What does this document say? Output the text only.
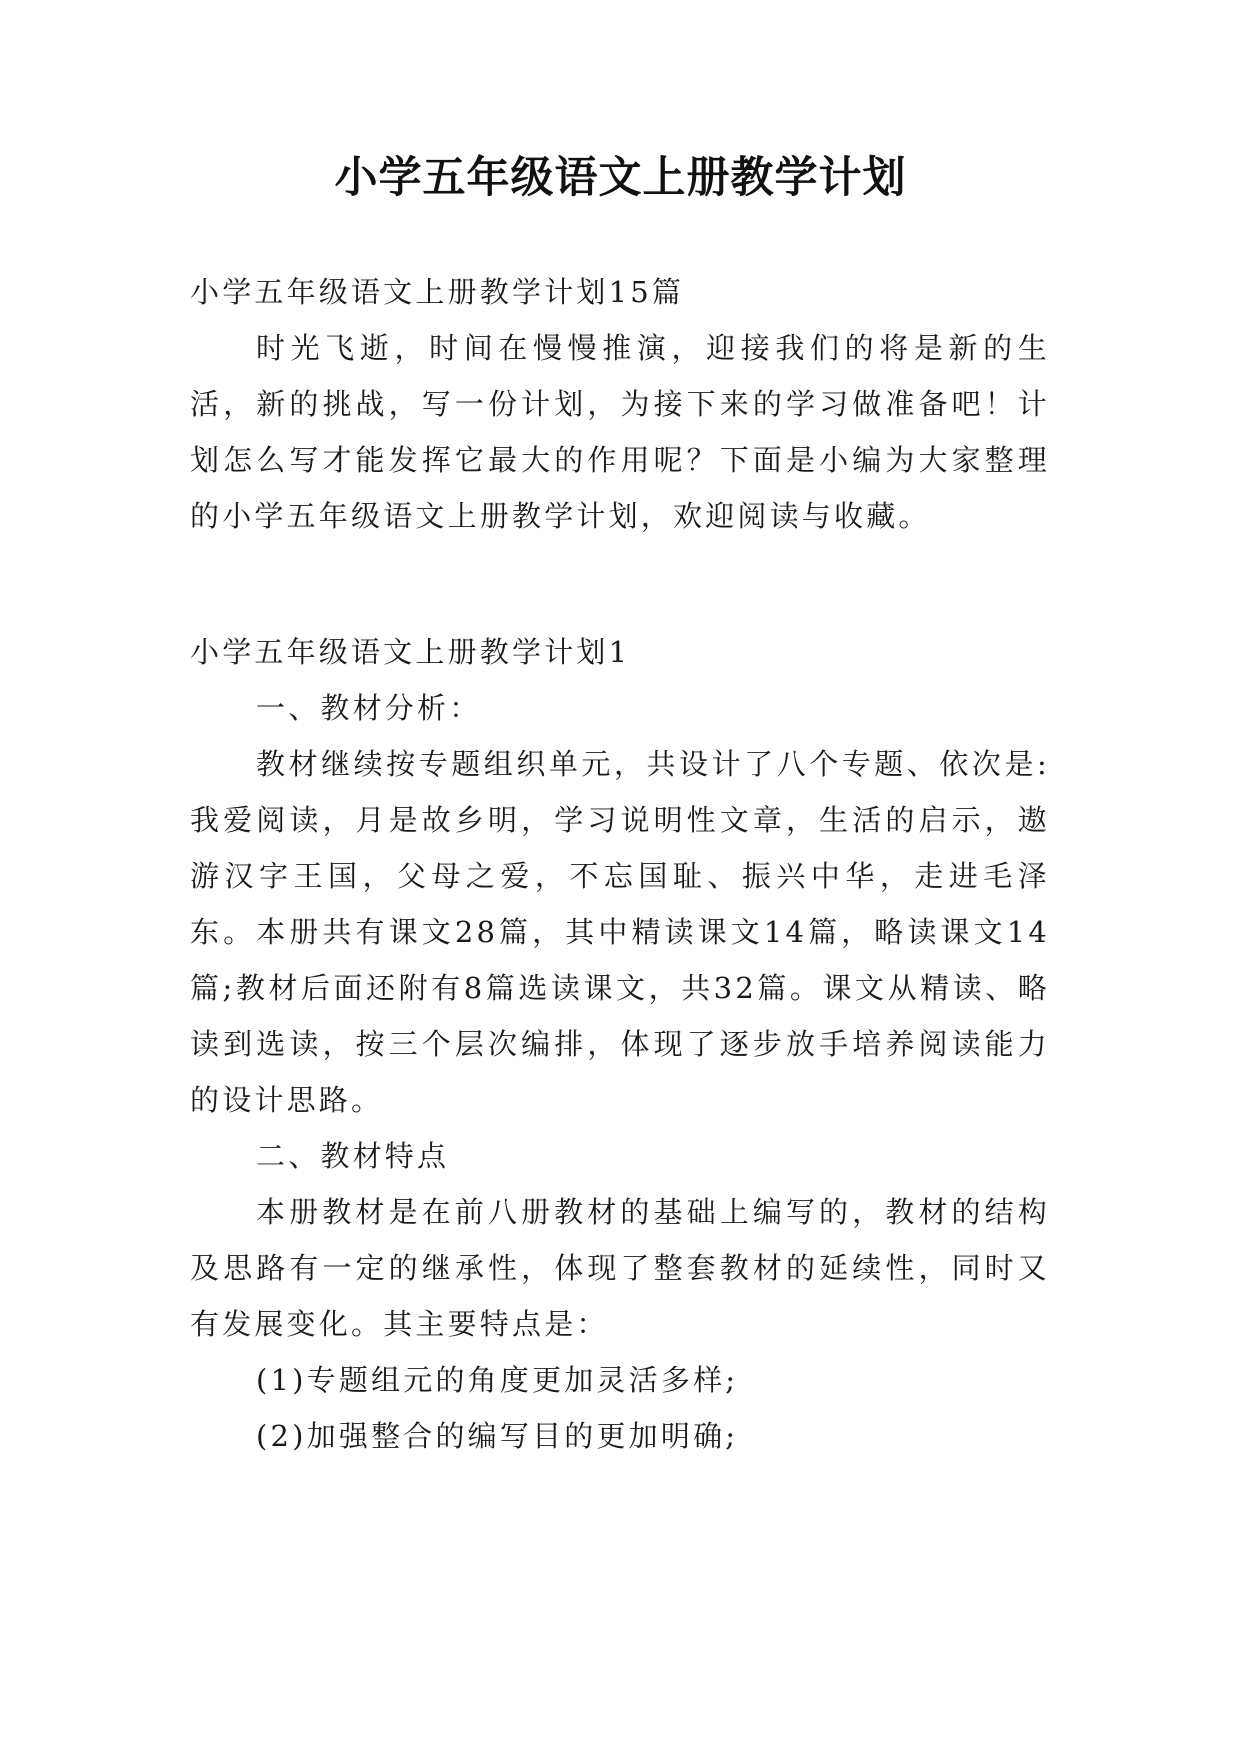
小学五年级语文上册教学计划

小学五年级语文上册教学计划15篇

时光飞逝，时间在慢慢推演，迎接我们的将是新的生活，新的挑战，写一份计划，为接下来的学习做准备吧！计划怎么写才能发挥它最大的作用呢？下面是小编为大家整理的小学五年级语文上册教学计划，欢迎阅读与收藏。

小学五年级语文上册教学计划1

一、教材分析：

教材继续按专题组织单元，共设计了八个专题、依次是:我爱阅读，月是故乡明，学习说明性文章，生活的启示，遨游汉字王国，父母之爱，不忘国耻、振兴中华，走进毛泽东。本册共有课文28篇，其中精读课文14篇，略读课文14篇;教材后面还附有8篇选读课文，共32篇。课文从精读、略读到选读，按三个层次编排，体现了逐步放手培养阅读能力的设计思路。

二、教材特点

本册教材是在前八册教材的基础上编写的，教材的结构及思路有一定的继承性，体现了整套教材的延续性，同时又有发展变化。其主要特点是：

(1)专题组元的角度更加灵活多样;

(2)加强整合的编写目的更加明确;
